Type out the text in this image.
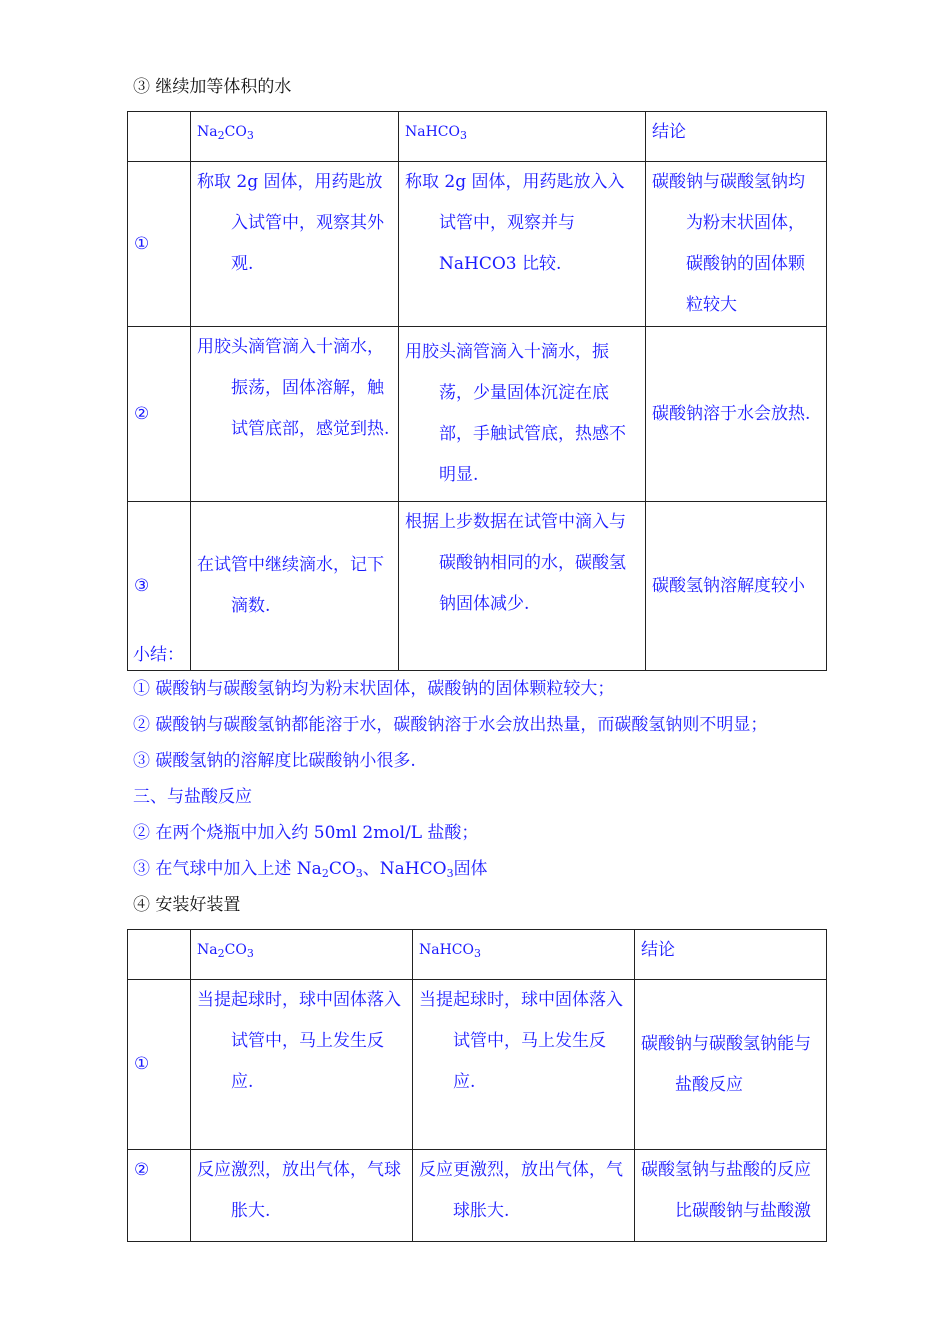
③ 继续加等体积的水
	$Na_2CO_3$	NaHCO$_3$	结论
①	称取 2g 固体，用药匙放入试管中，观察其外观.	称取 2g 固体，用药匙放入入试管中，观察并与 NaHCO3 比较.	碳酸钠与碳酸氢钠均为粉末状固体，碳酸钠的固体颗粒较大

②	用胶头滴管滴入十滴水，振荡，固体溶解，触试管底部，感觉到热.	用胶头滴管滴入十滴水，振荡，少量固体沉淀在底部，手触试管底，热感不明显.	碳酸钠溶于水会放热.

③	在试管中继续滴水，记下滴数.	根据上步数据在试管中滴入与碳酸钠相同的水，碳酸氢钠固体减少.	碳酸氢钠溶解度较小
小结：
① 碳酸钠与碳酸氢钠均为粉末状固体，碳酸钠的固体颗粒较大；
② 碳酸钠与碳酸氢钠都能溶于水，碳酸钠溶于水会放出热量，而碳酸氢钠则不明显；
③ 碳酸氢钠的溶解度比碳酸钠小很多.
三、与盐酸反应
② 在两个烧瓶中加入约 50ml 2mol/L 盐酸；
③ 在气球中加入上述 $Na_2CO_3$、NaHCO$_3$固体
④ 安装好装置
	$Na_2CO_3$	NaHCO$_3$	结论
①	当提起球时，球中固体落入试管中，马上发生反应.	当提起球时，球中固体落入试管中，马上发生反应.	碳酸钠与碳酸氢钠能与盐酸反应

②	反应激烈，放出气体，气球胀大.	反应更激烈，放出气体，气球胀大.	碳酸氢钠与盐酸的反应比碳酸钠与盐酸激
